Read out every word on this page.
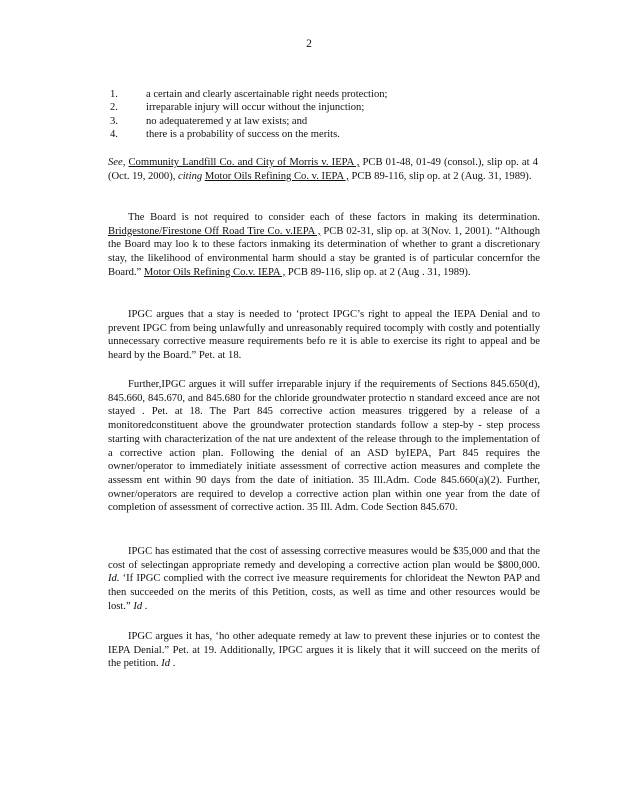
2
1.	a certain and clearly ascertainable right needs protection;
2.	irreparable injury will occur without the injunction;
3.	no adequateremed y at law exists; and
4.	there is a probability of success on the merits.

See, Community Landfill Co. and City of Morris v. IEPA , PCB 01-48, 01-49 (consol.), slip op. at 4 (Oct. 19, 2000), citing Motor Oils Refining Co. v. IEPA , PCB 89-116, slip op. at 2 (Aug. 31, 1989).

The Board is not required to consider each of these factors in making its determination. Bridgestone/Firestone Off Road Tire Co. v.IEPA , PCB 02-31, slip op. at 3(Nov. 1, 2001). “Although the Board may loo k to these factors inmaking its determination of whether to grant a discretionary stay, the likelihood of environmental harm should a stay be granted is of particular concernfor the Board.” Motor Oils Refining Co.v. IEPA , PCB 89-116, slip op. at 2 (Aug . 31, 1989).

IPGC argues that a stay is needed to ‘protect IPGC’s right to appeal the IEPA Denial and to prevent IPGC from being unlawfully and unreasonably required tocomply with costly and potentially unnecessary corrective measure requirements befo re it is able to exercise its right to appeal and be heard by the Board.” Pet. at 18.

Further,IPGC argues it will suffer irreparable injury if the requirements of Sections 845.650(d), 845.660, 845.670, and 845.680 for the chloride groundwater protectio n standard exceed ance are not stayed . Pet. at 18. The Part 845 corrective action measures triggered by a release of a monitoredconstituent above the groundwater protection standards follow a step-by - step process starting with characterization of the nat ure andextent of the release through to the implementation of a corrective action plan. Following the denial of an ASD byIEPA, Part 845 requires the owner/operator to immediately initiate assessment of corrective action measures and complete the assessm ent within 90 days from the date of initiation. 35 Ill.Adm. Code 845.660(a)(2). Further, owner/operators are required to develop a corrective action plan within one year from the date of completion of assessment of corrective action. 35 Ill. Adm. Code Section 845.670.

IPGC has estimated that the cost of assessing corrective measures would be $35,000 and that the cost of selectingan appropriate remedy and developing a corrective action plan would be $800,000. Id. ‘If IPGC complied with the correct ive measure requirements for chlorideat the Newton PAP and then succeeded on the merits of this Petition, costs, as well as time and other resources would be lost.” Id .

IPGC argues it has, ‘ho other adequate remedy at law to prevent these injuries or to contest the IEPA Denial.” Pet. at 19. Additionally, IPGC argues it is likely that it will succeed on the merits of the petition. Id .
